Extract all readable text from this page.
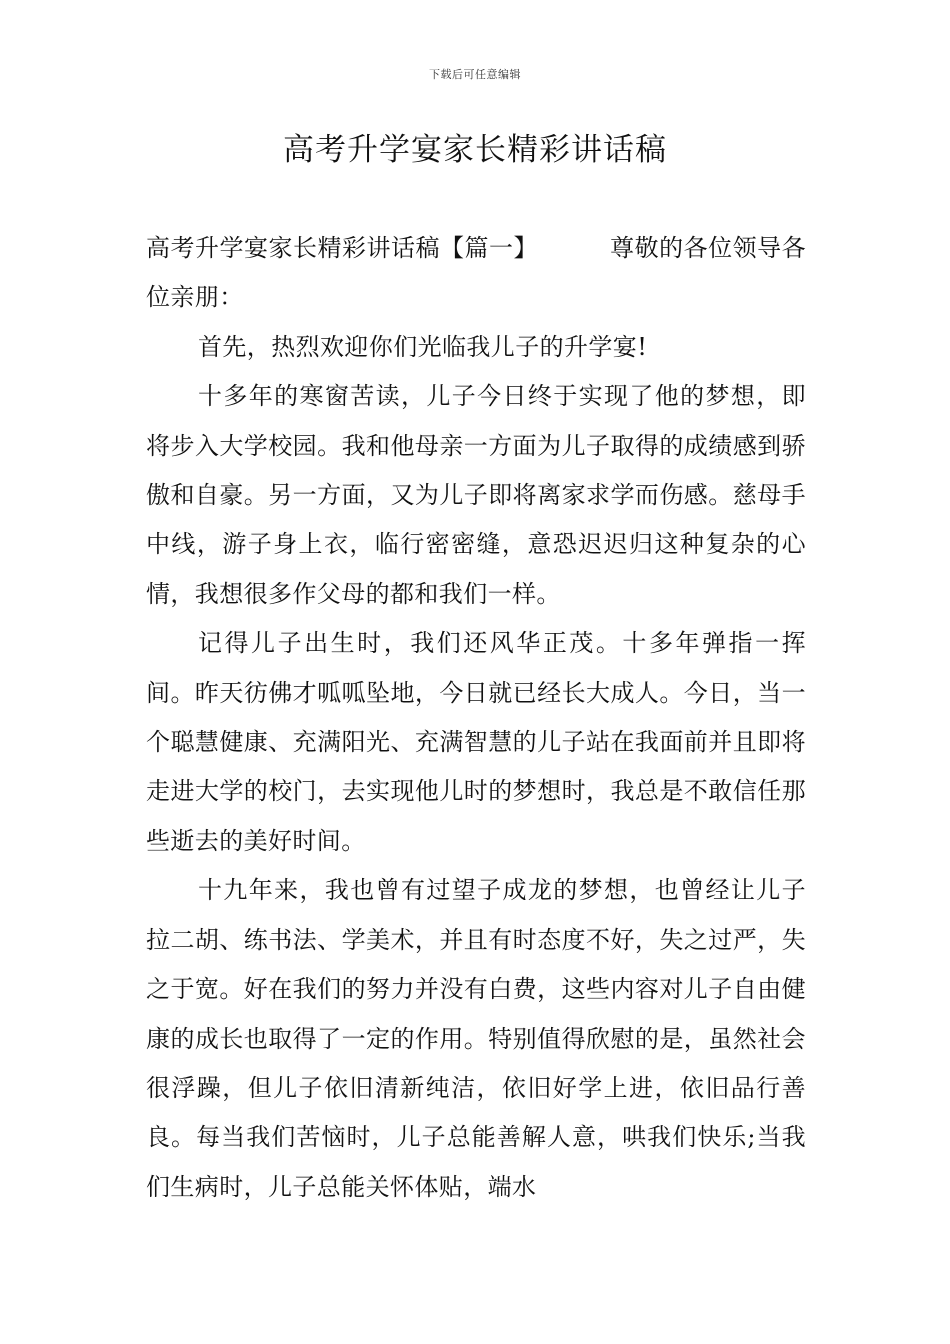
下载后可任意编辑
高考升学宴家长精彩讲话稿

高考升学宴家长精彩讲话稿【篇一】	尊敬的各位领导各位亲朋：

首先，热烈欢迎你们光临我儿子的升学宴!

十多年的寒窗苦读，儿子今日终于实现了他的梦想，即将步入大学校园。我和他母亲一方面为儿子取得的成绩感到骄傲和自豪。另一方面，又为儿子即将离家求学而伤感。慈母手中线，游子身上衣，临行密密缝，意恐迟迟归这种复杂的心情，我想很多作父母的都和我们一样。

记得儿子出生时，我们还风华正茂。十多年弹指一挥间。昨天彷佛才呱呱坠地，今日就已经长大成人。今日，当一个聪慧健康、充满阳光、充满智慧的儿子站在我面前并且即将走进大学的校门，去实现他儿时的梦想时，我总是不敢信任那些逝去的美好时间。

十九年来，我也曾有过望子成龙的梦想，也曾经让儿子拉二胡、练书法、学美术，并且有时态度不好，失之过严，失之于宽。好在我们的努力并没有白费，这些内容对儿子自由健康的成长也取得了一定的作用。特别值得欣慰的是，虽然社会很浮躁，但儿子依旧清新纯洁，依旧好学上进，依旧品行善良。每当我们苦恼时，儿子总能善解人意，哄我们快乐;当我们生病时，儿子总能关怀体贴，端水
